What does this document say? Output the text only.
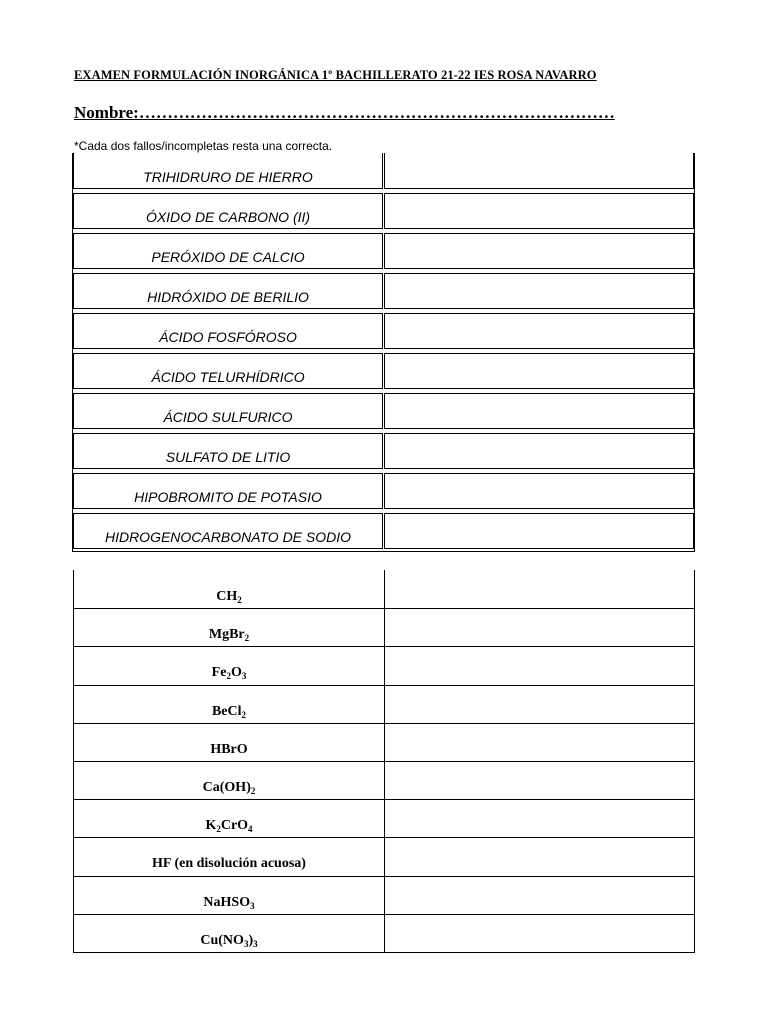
EXAMEN FORMULACIÓN INORGÁNICA 1º BACHILLERATO 21-22 IES ROSA NAVARRO
Nombre:…………………………………………………………………………
*Cada dos fallos/incompletas resta una correcta.
TRIHIDRURO DE HIERRO
ÓXIDO DE CARBONO (II)
PERÓXIDO DE CALCIO
HIDRÓXIDO DE BERILIO
ÁCIDO FOSFÓROSO
ÁCIDO TELURHÍDRICO
ÁCIDO SULFURICO
SULFATO DE LITIO
HIPOBROMITO DE POTASIO
HIDROGENOCARBONATO DE SODIO
$CH_2$
MgBr$_2$
$Fe_2O_3$
BeCl$_2$
HBrO
$Ca(OH)_2$
$K_2CrO_4$
HF (en disolución acuosa)
NaHSO$_3$
$Cu(NO_3)_3$
